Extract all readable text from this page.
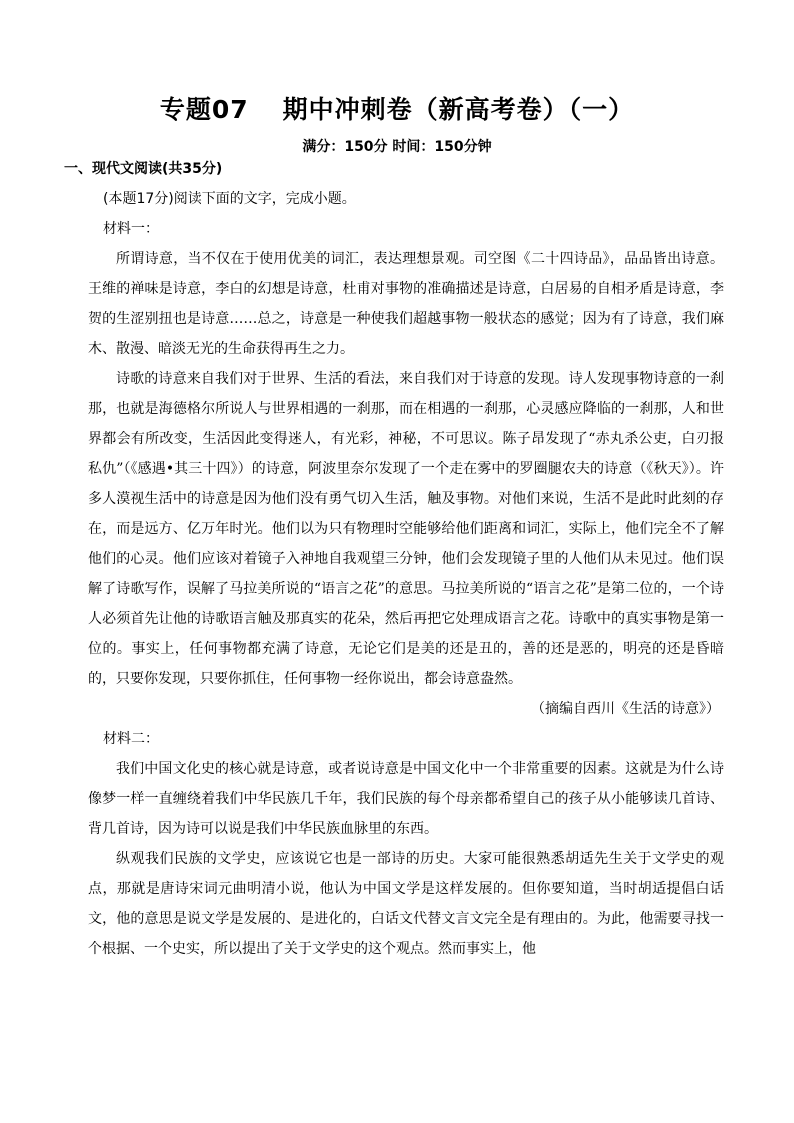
专题07 期中冲刺卷（新高考卷）（一）
满分：150分 时间：150分钟
一、现代文阅读(共35分)

(本题17分)阅读下面的文字，完成小题。

材料一：

所谓诗意，当不仅在于使用优美的词汇，表达理想景观。司空图《二十四诗品》，品品皆出诗意。王维的禅味是诗意，李白的幻想是诗意，杜甫对事物的准确描述是诗意，白居易的自相矛盾是诗意，李贺的生涩别扭也是诗意……总之，诗意是一种使我们超越事物一般状态的感觉；因为有了诗意，我们麻木、散漫、暗淡无光的生命获得再生之力。

诗歌的诗意来自我们对于世界、生活的看法，来自我们对于诗意的发现。诗人发现事物诗意的一刹那，也就是海德格尔所说人与世界相遇的一刹那，而在相遇的一刹那，心灵感应降临的一刹那，人和世界都会有所改变，生活因此变得迷人，有光彩，神秘，不可思议。陈子昂发现了“赤丸杀公吏，白刃报私仇”（《感遇•其三十四》）的诗意，阿波里奈尔发现了一个走在雾中的罗圈腿农夫的诗意（《秋天》）。许多人漠视生活中的诗意是因为他们没有勇气切入生活，触及事物。对他们来说，生活不是此时此刻的存在，而是远方、亿万年时光。他们以为只有物理时空能够给他们距离和词汇，实际上，他们完全不了解他们的心灵。他们应该对着镜子入神地自我观望三分钟，他们会发现镜子里的人他们从未见过。他们误解了诗歌写作，误解了马拉美所说的“语言之花”的意思。马拉美所说的“语言之花”是第二位的，一个诗人必须首先让他的诗歌语言触及那真实的花朵，然后再把它处理成语言之花。诗歌中的真实事物是第一位的。事实上，任何事物都充满了诗意，无论它们是美的还是丑的，善的还是恶的，明亮的还是昏暗的，只要你发现，只要你抓住，任何事物一经你说出，都会诗意盎然。

（摘编自西川《生活的诗意》）

材料二：

我们中国文化史的核心就是诗意，或者说诗意是中国文化中一个非常重要的因素。这就是为什么诗像梦一样一直缠绕着我们中华民族几千年，我们民族的每个母亲都希望自己的孩子从小能够读几首诗、背几首诗，因为诗可以说是我们中华民族血脉里的东西。

纵观我们民族的文学史，应该说它也是一部诗的历史。大家可能很熟悉胡适先生关于文学史的观点，那就是唐诗宋词元曲明清小说，他认为中国文学是这样发展的。但你要知道，当时胡适提倡白话文，他的意思是说文学是发展的、是进化的，白话文代替文言文完全是有理由的。为此，他需要寻找一个根据、一个史实，所以提出了关于文学史的这个观点。然而事实上，他
